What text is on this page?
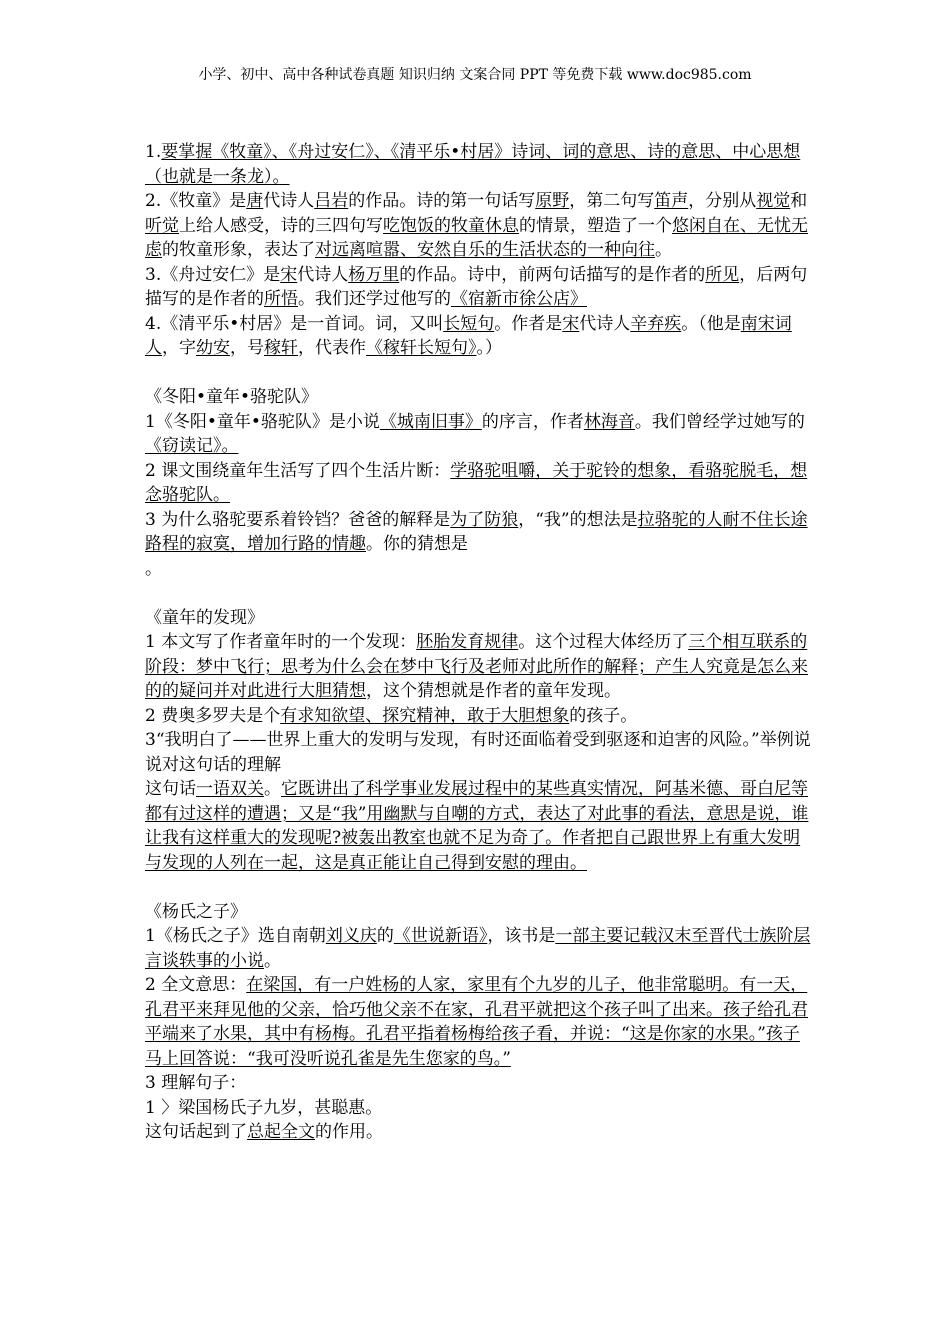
小学、初中、高中各种试卷真题 知识归纳 文案合同 PPT 等免费下载 www.doc985.com

1.要掌握《牧童》、《舟过安仁》、《清平乐•村居》诗词、词的意思、诗的意思、中心思想（也就是一条龙）。

2.《牧童》是唐代诗人吕岩的作品。诗的第一句话写原野，第二句写笛声，分别从视觉和听觉上给人感受，诗的三四句写吃饱饭的牧童休息的情景，塑造了一个悠闲自在、无忧无虑的牧童形象，表达了对远离喧嚣、安然自乐的生活状态的一种向往。

3.《舟过安仁》是宋代诗人杨万里的作品。诗中，前两句话描写的是作者的所见，后两句描写的是作者的所悟。我们还学过他写的《宿新市徐公店》

4.《清平乐•村居》是一首词。词，又叫长短句。作者是宋代诗人辛弃疾。（他是南宋词人，字幼安，号稼轩，代表作《稼轩长短句》。）

《冬阳•童年•骆驼队》

1《冬阳•童年•骆驼队》是小说《城南旧事》的序言，作者林海音。我们曾经学过她写的《窃读记》。

2 课文围绕童年生活写了四个生活片断：学骆驼咀嚼，关于驼铃的想象，看骆驼脱毛，想念骆驼队。

3 为什么骆驼要系着铃铛？爸爸的解释是为了防狼，“我”的想法是拉骆驼的人耐不住长途路程的寂寞，增加行路的情趣。你的猜想是

。

《童年的发现》

1 本文写了作者童年时的一个发现：胚胎发育规律。这个过程大体经历了三个相互联系的阶段：梦中飞行；思考为什么会在梦中飞行及老师对此所作的解释；产生人究竟是怎么来的的疑问并对此进行大胆猜想，这个猜想就是作者的童年发现。

2 费奥多罗夫是个有求知欲望、探究精神，敢于大胆想象的孩子。

3“我明白了——世界上重大的发明与发现，有时还面临着受到驱逐和迫害的风险。”举例说说对这句话的理解

这句话一语双关。它既讲出了科学事业发展过程中的某些真实情况，阿基米德、哥白尼等都有过这样的遭遇；又是“我”用幽默与自嘲的方式，表达了对此事的看法，意思是说，谁让我有这样重大的发现呢?被轰出教室也就不足为奇了。作者把自己跟世界上有重大发明与发现的人列在一起，这是真正能让自己得到安慰的理由。

《杨氏之子》

1《杨氏之子》选自南朝刘义庆的《世说新语》，该书是一部主要记载汉末至晋代士族阶层言谈轶事的小说。

2 全文意思：在梁国，有一户姓杨的人家，家里有个九岁的儿子，他非常聪明。有一天，孔君平来拜见他的父亲，恰巧他父亲不在家，孔君平就把这个孩子叫了出来。孩子给孔君平端来了水果，其中有杨梅。孔君平指着杨梅给孩子看，并说：“这是你家的水果。”孩子马上回答说：“我可没听说孔雀是先生您家的鸟。”

3 理解句子：

1 〉梁国杨氏子九岁，甚聪惠。

这句话起到了总起全文的作用。
